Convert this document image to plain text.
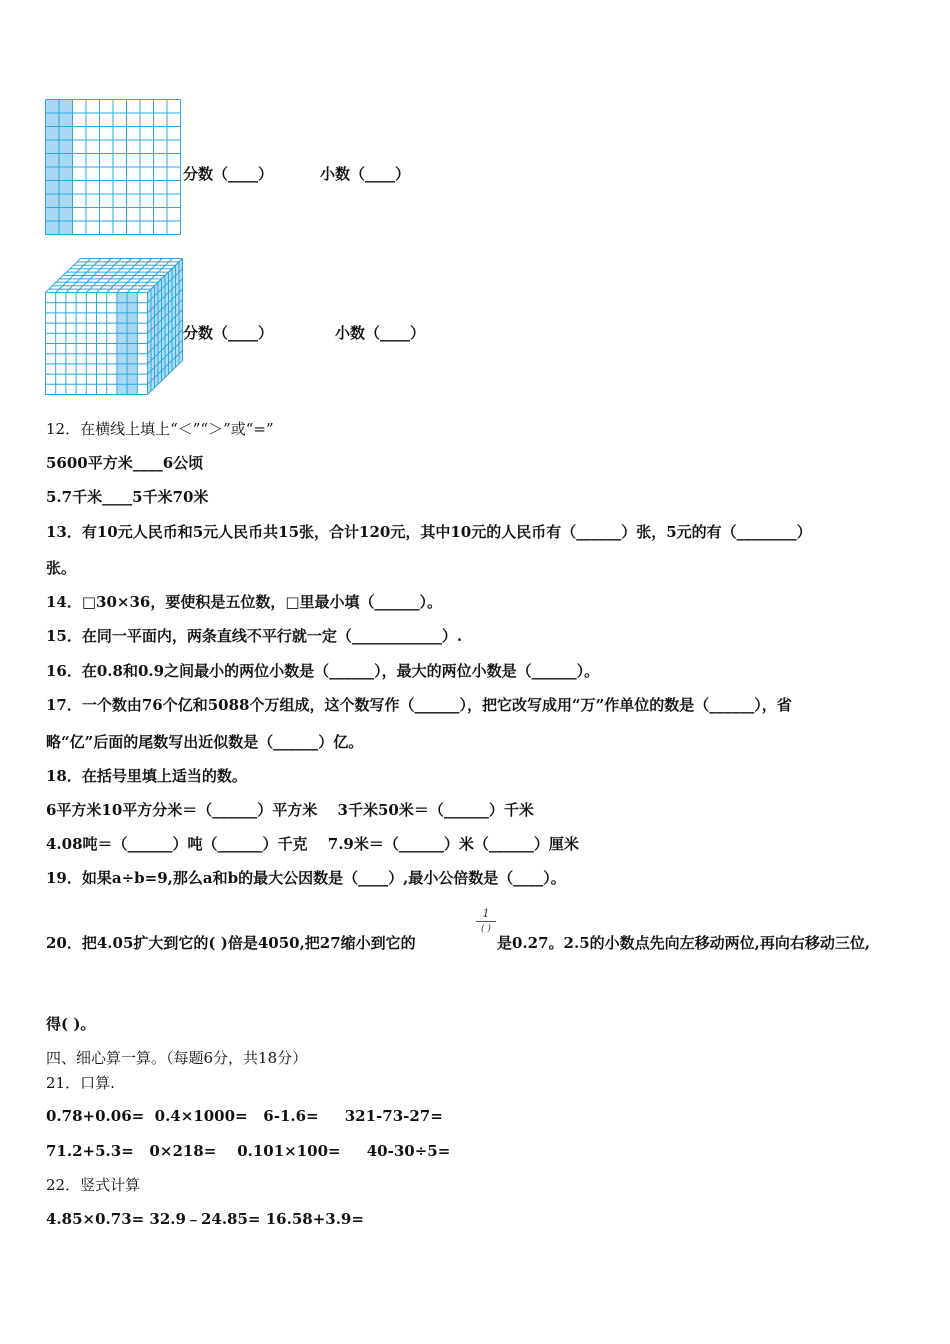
分数（____）	小数（____）
分数（____）	小数（____）
12．在横线上填上“＜”“＞”或“=”
5600平方米____6公顷
5.7千米____5千米70米
13．有10元人民币和5元人民币共15张，合计120元，其中10元的人民币有（______）张，5元的有（________）
张。
14．□30×36，要使积是五位数，□里最小填（______）。
15．在同一平面内，两条直线不平行就一定（____________）.
16．在0.8和0.9之间最小的两位小数是（______），最大的两位小数是（______）。
17．一个数由76个亿和5088个万组成，这个数写作（______），把它改写成用“万”作单位的数是（______），省
略“亿”后面的尾数写出近似数是（______）亿。
18．在括号里填上适当的数。
6平方米10平方分米＝（______）平方米　 3千米50米＝（______）千米
4.08吨＝（______）吨（______）千克　 7.9米＝（______）米（______）厘米
19．如果a÷b=9,那么a和b的最大公因数是（____）,最小公倍数是（____）。
20．把4.05扩大到它的( )倍是4050,把27缩小到它的
1
( )
是0.27。2.5的小数点先向左移动两位,再向右移动三位,
得( )。
四、细心算一算。（每题6分，共18分）
21．口算.
0.78+0.06=  0.4×1000=   6-1.6=     321-73-27=
71.2+5.3=   0×218=    0.101×100=     40-30÷5=
22．竖式计算
4.85×0.73= 32.9﹣24.85= 16.58+3.9=
